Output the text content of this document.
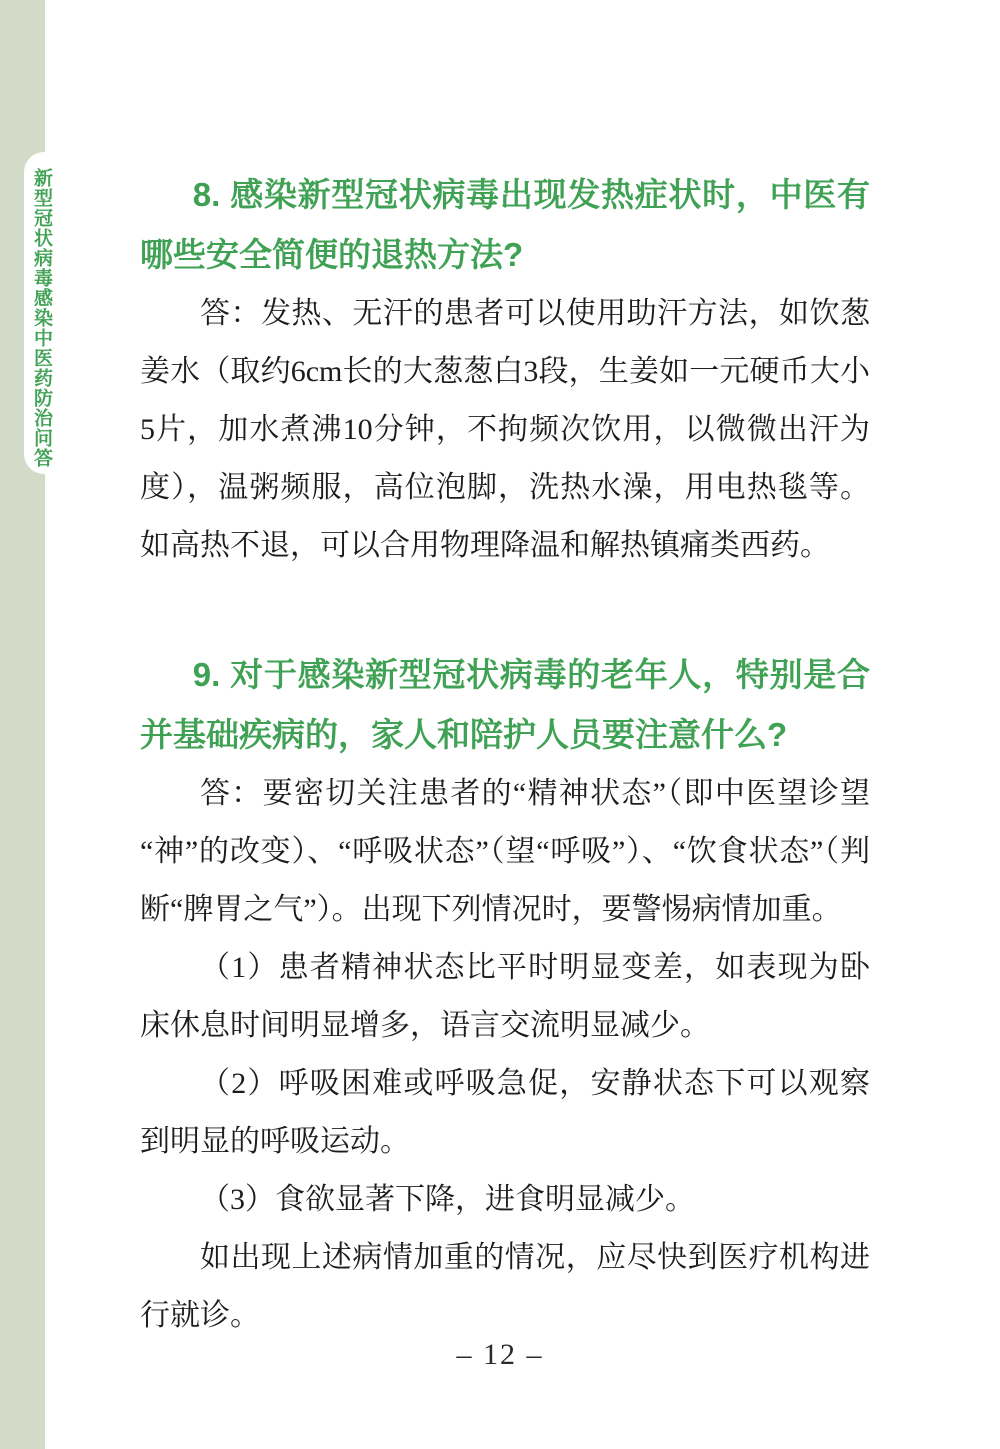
新型冠状病毒感染中医药防治问答	8. 感染新型冠状病毒出现发热症状时，中医有哪些安全简便的退热方法?

答：发热、无汗的患者可以使用助汗方法，如饮葱姜水（取约6cm长的大葱葱白3段，生姜如一元硬币大小5片，加水煮沸10分钟，不拘频次饮用，以微微出汗为度），温粥频服，高位泡脚，洗热水澡，用电热毯等。如高热不退，可以合用物理降温和解热镇痛类西药。

9. 对于感染新型冠状病毒的老年人，特别是合并基础疾病的，家人和陪护人员要注意什么?

答：要密切关注患者的“精神状态”（即中医望诊望“神”的改变）、“呼吸状态”（望“呼吸”）、“饮食状态”（判断“脾胃之气”）。出现下列情况时，要警惕病情加重。

（1）患者精神状态比平时明显变差，如表现为卧床休息时间明显增多，语言交流明显减少。

（2）呼吸困难或呼吸急促，安静状态下可以观察到明显的呼吸运动。

（3）食欲显著下降，进食明显减少。

如出现上述病情加重的情况，应尽快到医疗机构进行就诊。

– 12 –
